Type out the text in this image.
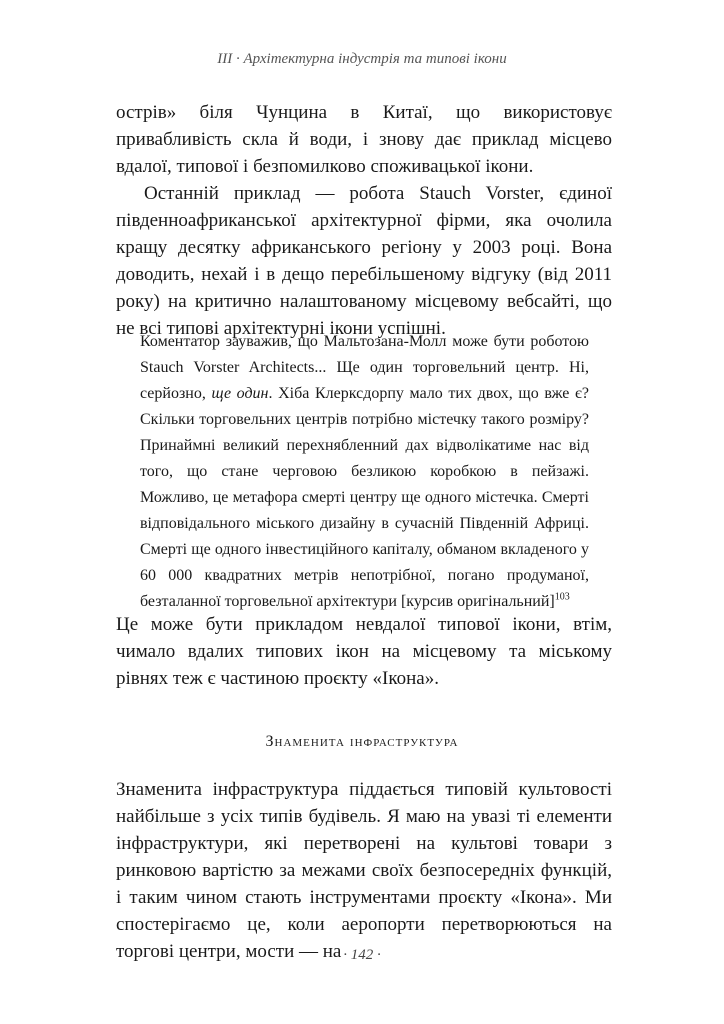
III · Архітектурна індустрія та типові ікони

острів» біля Чунцина в Китаї, що використовує привабливість скла й води, і знову дає приклад місцево вдалої, типової і безпомилково споживацької ікони.

Останній приклад — робота Stauch Vorster, єдиної південноафриканської архітектурної фірми, яка очолила кращу десятку африканського регіону у 2003 році. Вона доводить, нехай і в дещо перебільшеному відгуку (від 2011 року) на критично налаштованому місцевому вебсайті, що не всі типові архітектурні ікони успішні.

Коментатор зауважив, що Мальтозана-Молл може бути роботою Stauch Vorster Architects... Ще один торговельний центр. Ні, серйозно, ще один. Хіба Клерксдорпу мало тих двох, що вже є? Скільки торговельних центрів потрібно містечку такого розміру? Принаймні великий перехнябленний дах відволікатиме нас від того, що стане черговою безликою коробкою в пейзажі. Можливо, це метафора смерті центру ще одного містечка. Смерті відповідального міського дизайну в сучасній Південній Африці. Смерті ще одного інвестиційного капіталу, обманом вкладеного у 60 000 квадратних метрів непотрібної, погано продуманої, безталанної торговельної архітектури [курсив оригінальний]$^{103}$

Це може бути прикладом невдалої типової ікони, втім, чимало вдалих типових ікон на місцевому та міському рівнях теж є частиною проєкту «Ікона».

Знаменита інфраструктура

Знаменита інфраструктура піддається типовій культовості найбільше з усіх типів будівель. Я маю на увазі ті елементи інфраструктури, які перетворені на культові товари з ринковою вартістю за межами своїх безпосередніх функцій, і таким чином стають інструментами проєкту «Ікона». Ми спостерігаємо це, коли аеропорти перетворюються на торгові центри, мости — на · 142 ·
